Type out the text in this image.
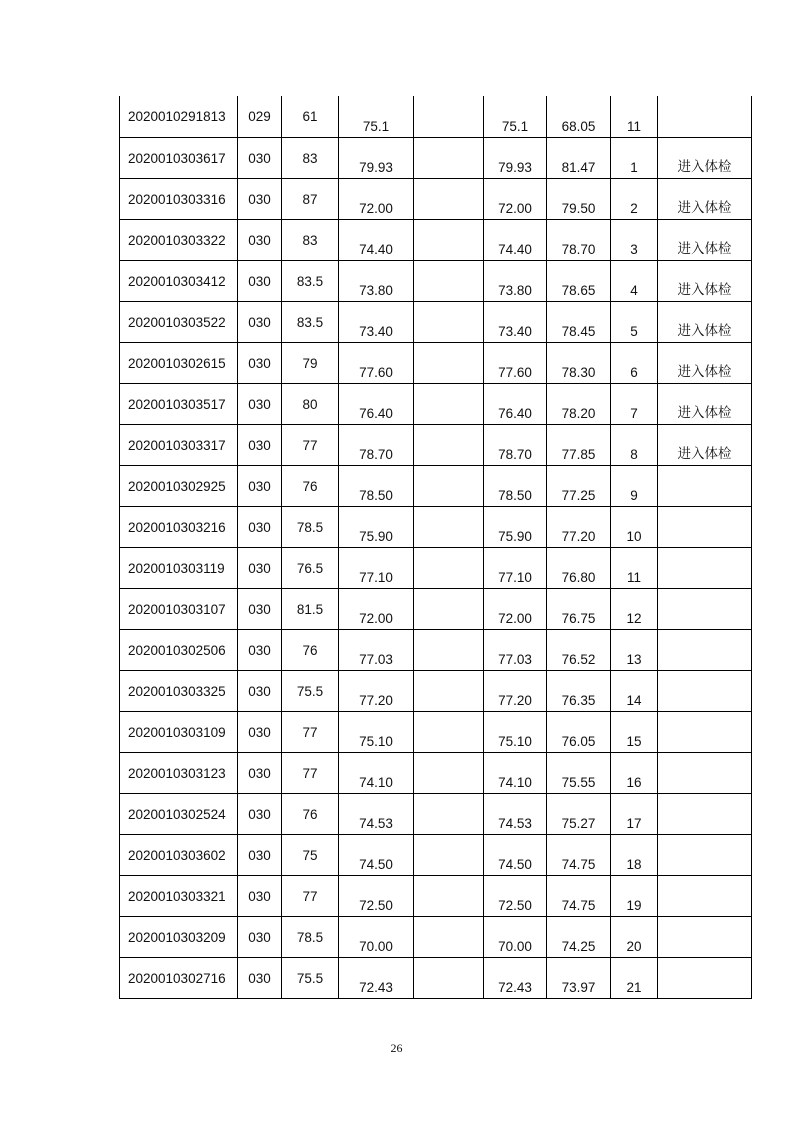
2020010291813	029	61	75.1		75.1	68.05	11	
2020010303617	030	83	79.93		79.93	81.47	1	进入体检
2020010303316	030	87	72.00		72.00	79.50	2	进入体检
2020010303322	030	83	74.40		74.40	78.70	3	进入体检
2020010303412	030	83.5	73.80		73.80	78.65	4	进入体检
2020010303522	030	83.5	73.40		73.40	78.45	5	进入体检
2020010302615	030	79	77.60		77.60	78.30	6	进入体检
2020010303517	030	80	76.40		76.40	78.20	7	进入体检
2020010303317	030	77	78.70		78.70	77.85	8	进入体检
2020010302925	030	76	78.50		78.50	77.25	9	
2020010303216	030	78.5	75.90		75.90	77.20	10	
2020010303119	030	76.5	77.10		77.10	76.80	11	
2020010303107	030	81.5	72.00		72.00	76.75	12	
2020010302506	030	76	77.03		77.03	76.52	13	
2020010303325	030	75.5	77.20		77.20	76.35	14	
2020010303109	030	77	75.10		75.10	76.05	15	
2020010303123	030	77	74.10		74.10	75.55	16	
2020010302524	030	76	74.53		74.53	75.27	17	
2020010303602	030	75	74.50		74.50	74.75	18	
2020010303321	030	77	72.50		72.50	74.75	19	
2020010303209	030	78.5	70.00		70.00	74.25	20	
2020010302716	030	75.5	72.43		72.43	73.97	21	
26
